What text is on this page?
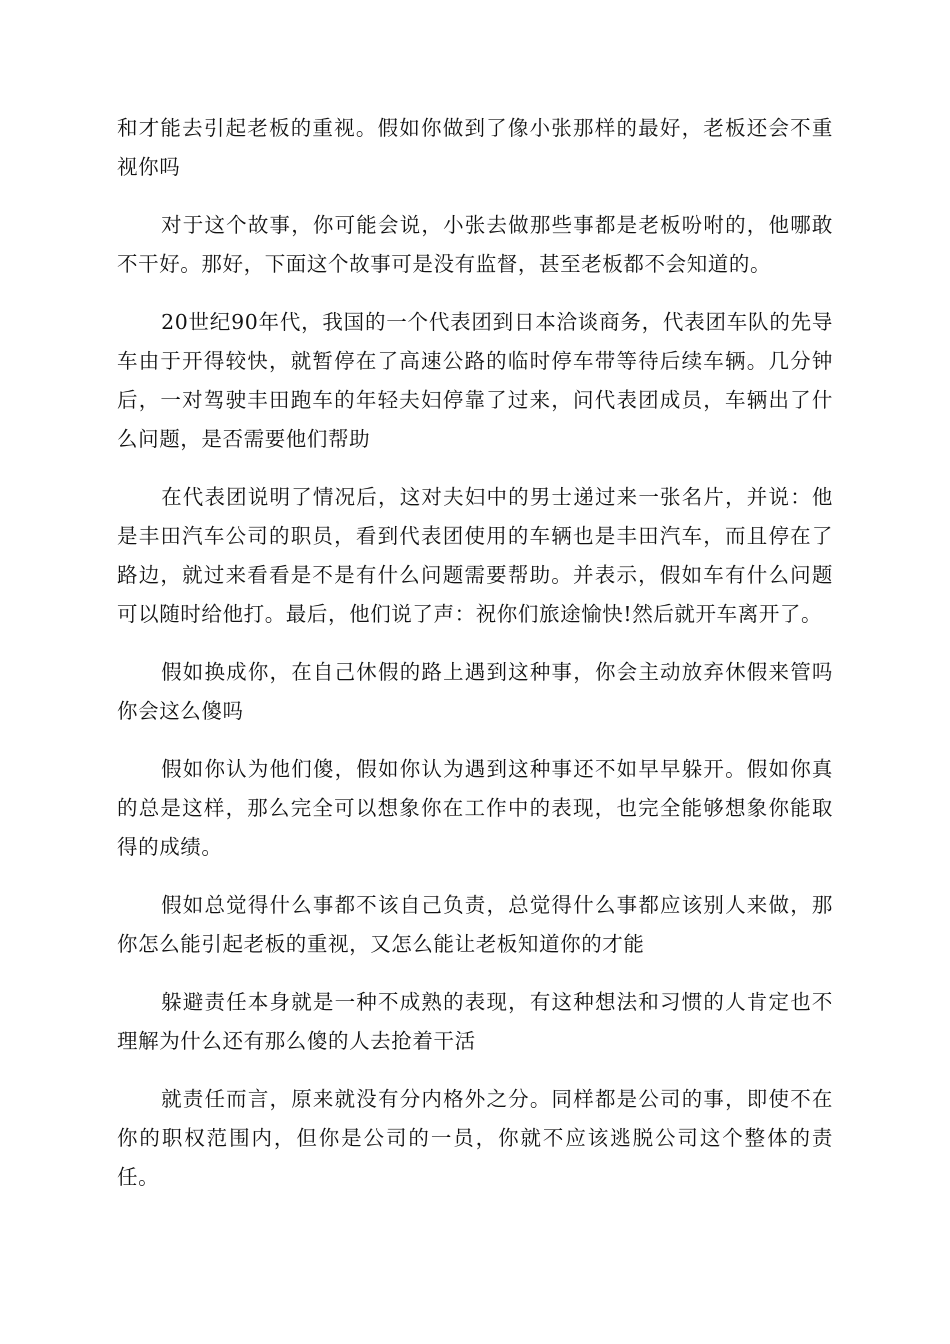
和才能去引起老板的重视。假如你做到了像小张那样的最好，老板还会不重视你吗

对于这个故事，你可能会说，小张去做那些事都是老板吩咐的，他哪敢不干好。那好，下面这个故事可是没有监督，甚至老板都不会知道的。

20世纪90年代，我国的一个代表团到日本洽谈商务，代表团车队的先导车由于开得较快，就暂停在了高速公路的临时停车带等待后续车辆。几分钟后，一对驾驶丰田跑车的年轻夫妇停靠了过来，问代表团成员，车辆出了什么问题，是否需要他们帮助

在代表团说明了情况后，这对夫妇中的男士递过来一张名片，并说：他是丰田汽车公司的职员，看到代表团使用的车辆也是丰田汽车，而且停在了路边，就过来看看是不是有什么问题需要帮助。并表示，假如车有什么问题可以随时给他打。最后，他们说了声：祝你们旅途愉快!然后就开车离开了。

假如换成你，在自己休假的路上遇到这种事，你会主动放弃休假来管吗你会这么傻吗

假如你认为他们傻，假如你认为遇到这种事还不如早早躲开。假如你真的总是这样，那么完全可以想象你在工作中的表现，也完全能够想象你能取得的成绩。

假如总觉得什么事都不该自己负责，总觉得什么事都应该别人来做，那你怎么能引起老板的重视，又怎么能让老板知道你的才能

躲避责任本身就是一种不成熟的表现，有这种想法和习惯的人肯定也不理解为什么还有那么傻的人去抢着干活

就责任而言，原来就没有分内格外之分。同样都是公司的事，即使不在你的职权范围内，但你是公司的一员，你就不应该逃脱公司这个整体的责任。
